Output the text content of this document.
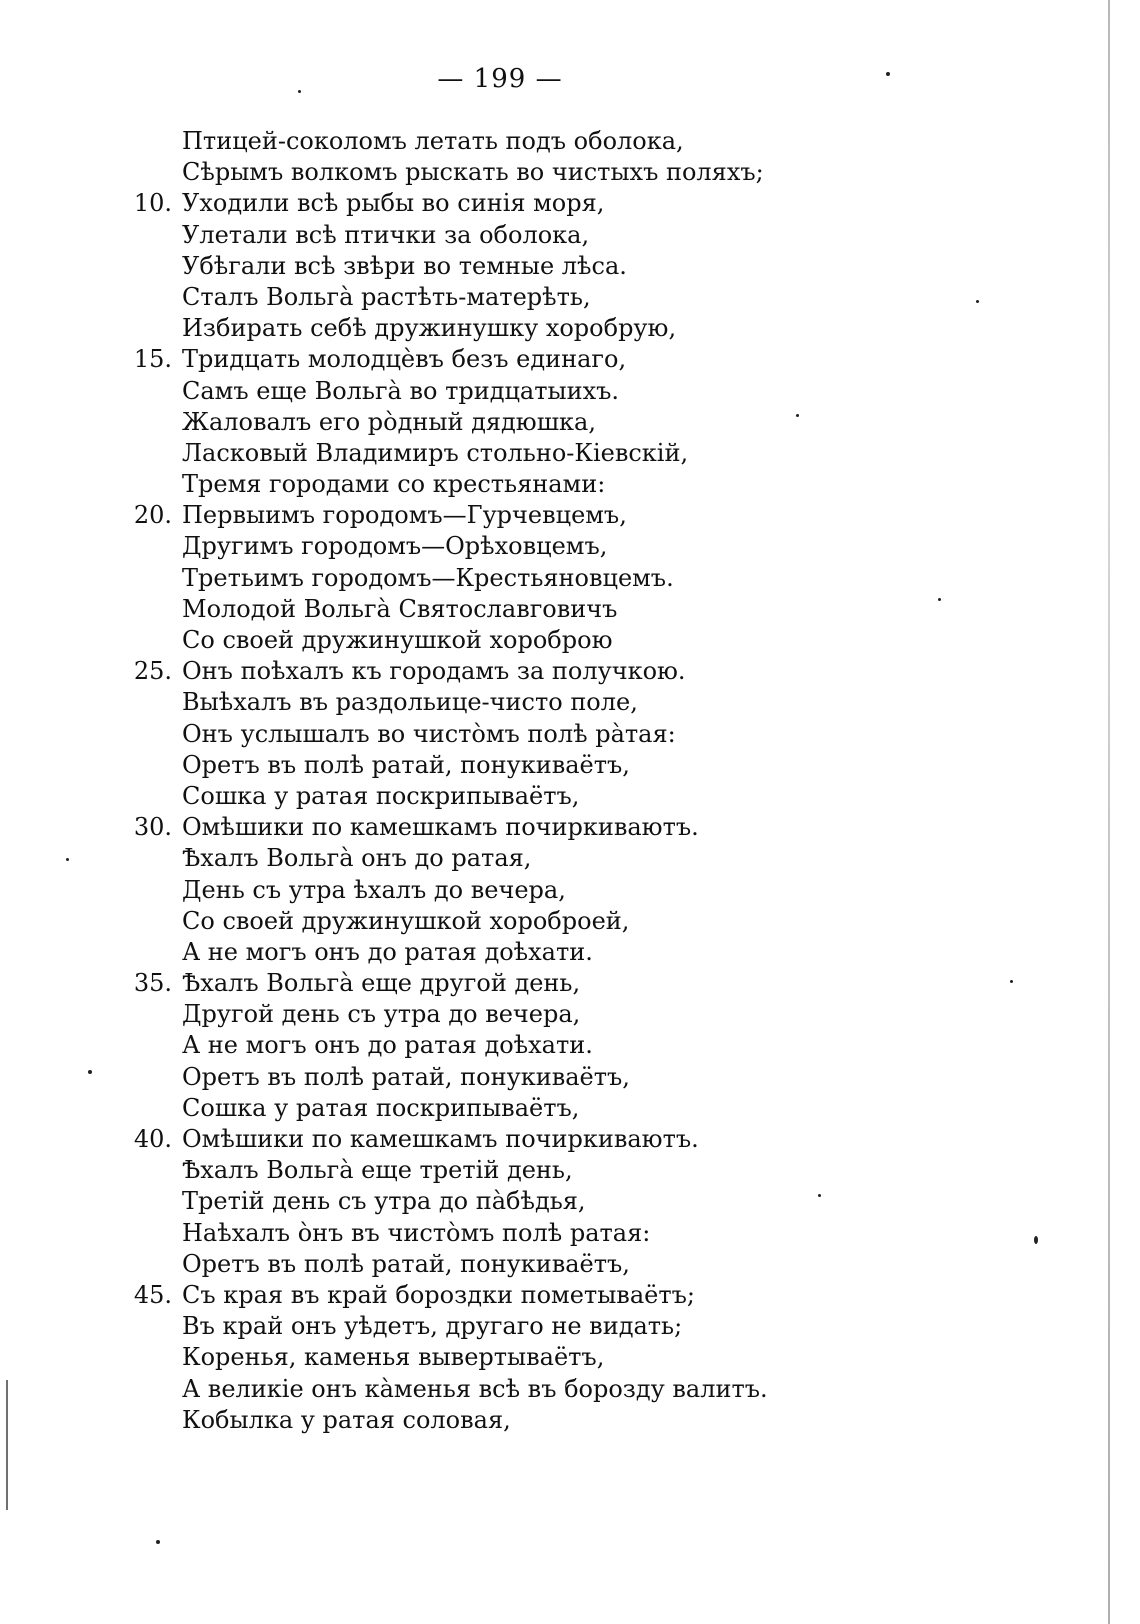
— 199 —
Птицей-соколомъ летать подъ оболока,
Сѣрымъ волкомъ рыскать во чистыхъ поляхъ;
10. Уходили всѣ рыбы во синія моря,
Улетали всѣ птички за оболока,
Убѣгали всѣ звѣри во темные лѣса.
Сталъ Вольга̀ растѣть-матерѣть,
Избирать себѣ дружинушку хоробрую,
15. Тридцать молодцѐвъ безъ единаго,
Самъ еще Вольга̀ во тридцатыихъ.
Жаловалъ его рòдный дядюшка,
Ласковый Владимиръ стольно-Кіевскій,
Тремя городами со крестьянами:
20. Первыимъ городомъ—Гурчевцемъ,
Другимъ городомъ—Орѣховцемъ,
Третьимъ городомъ—Крестьяновцемъ.
Молодой Вольга̀ Святославговичъ
Со своей дружинушкой хороброю
25. Онъ поѣхалъ къ городамъ за получкою.
Выѣхалъ въ раздольице-чисто поле,
Онъ услышалъ во чистòмъ полѣ ра̀тая:
Оретъ въ полѣ ратай, понукиваётъ,
Сошка у ратая поскрипываётъ,
30. Омѣшики по камешкамъ почиркиваютъ.
Ѣхалъ Вольга̀ онъ до ратая,
День съ утра ѣхалъ до вечера,
Со своей дружинушкой хороброей,
А не могъ онъ до ратая доѣхати.
35. Ѣхалъ Вольга̀ еще другой день,
Другой день съ утра до вечера,
А не могъ онъ до ратая доѣхати.
Оретъ въ полѣ ратай, понукиваётъ,
Сошка у ратая поскрипываётъ,
40. Омѣшики по камешкамъ почиркиваютъ.
Ѣхалъ Вольга̀ еще третій день,
Третій день съ утра до па̀бѣдья,
Наѣхалъ òнъ въ чистòмъ полѣ ратая:
Оретъ въ полѣ ратай, понукиваётъ,
45. Съ края въ край бороздки пометываётъ;
Въ край онъ уѣдетъ, другаго не видать;
Коренья, каменья вывертываётъ,
А великіе онъ ка̀менья всѣ въ борозду валитъ.
Кобылка у ратая соловая,
